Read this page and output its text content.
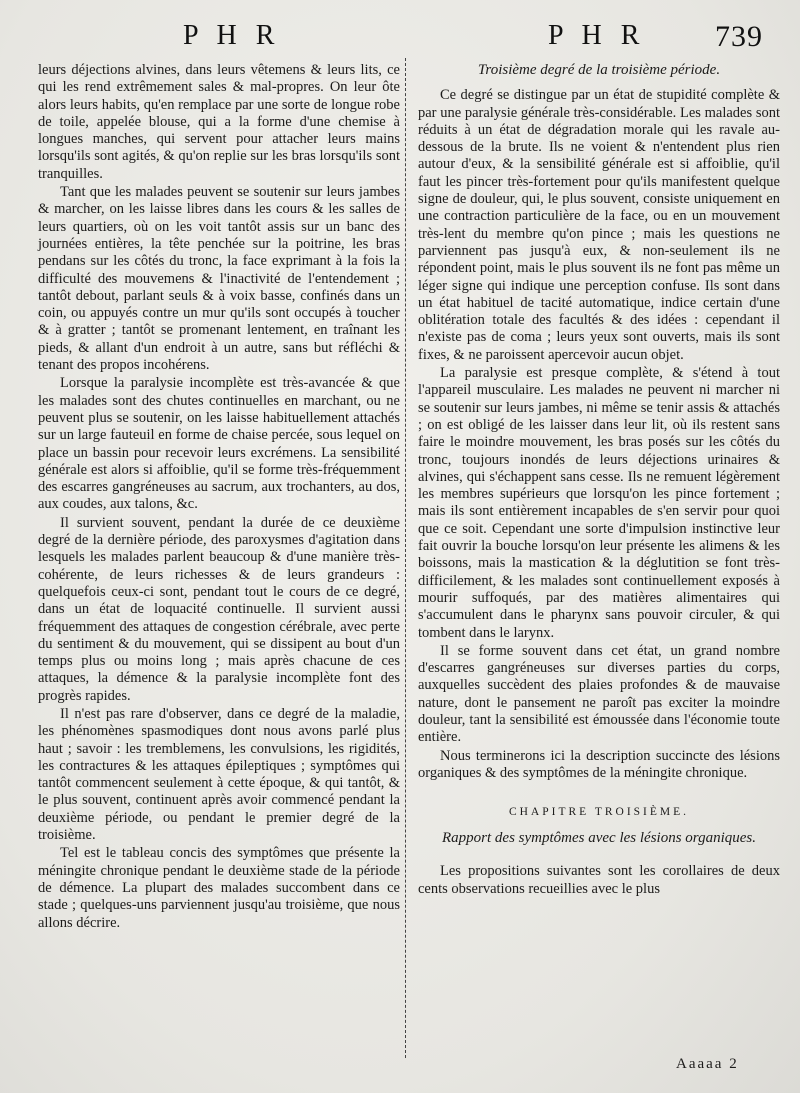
P H R	P H R 739

leurs déjections alvines, dans leurs vêtemens & leurs lits, ce qui les rend extrêmement sales & mal-propres. On leur ôte alors leurs habits, qu'en remplace par une sorte de longue robe de toile, appelée blouse, qui a la forme d'une chemise à longues manches, qui servent pour attacher leurs mains lorsqu'ils sont agités, & qu'on replie sur les bras lorsqu'ils sont tranquilles.

Tant que les malades peuvent se soutenir sur leurs jambes & marcher, on les laisse libres dans les cours & les salles de leurs quartiers, où on les voit tantôt assis sur un banc des journées entières, la tête penchée sur la poitrine, les bras pendans sur les côtés du tronc, la face exprimant à la fois la difficulté des mouvemens & l'inactivité de l'entendement ; tantôt debout, parlant seuls & à voix basse, confinés dans un coin, ou appuyés contre un mur qu'ils sont occupés à toucher & à gratter ; tantôt se promenant lentement, en traînant les pieds, & allant d'un endroit à un autre, sans but réfléchi & tenant des propos incohérens.

Lorsque la paralysie incomplète est très-avancée & que les malades sont des chutes continuelles en marchant, ou ne peuvent plus se soutenir, on les laisse habituellement attachés sur un large fauteuil en forme de chaise percée, sous lequel on place un bassin pour recevoir leurs excrémens. La sensibilité générale est alors si affoiblie, qu'il se forme très-fréquemment des escarres gangréneuses au sacrum, aux trochanters, au dos, aux coudes, aux talons, &c.

Il survient souvent, pendant la durée de ce deuxième degré de la dernière période, des paroxysmes d'agitation dans lesquels les malades parlent beaucoup & d'une manière très-cohérente, de leurs richesses & de leurs grandeurs : quelquefois ceux-ci sont, pendant tout le cours de ce degré, dans un état de loquacité continuelle. Il survient aussi fréquemment des attaques de congestion cérébrale, avec perte du sentiment & du mouvement, qui se dissipent au bout d'un temps plus ou moins long ; mais après chacune de ces attaques, la démence & la paralysie incomplète font des progrès rapides.

Il n'est pas rare d'observer, dans ce degré de la maladie, les phénomènes spasmodiques dont nous avons parlé plus haut ; savoir : les tremblemens, les convulsions, les rigidités, les contractures & les attaques épileptiques ; symptômes qui tantôt commencent seulement à cette époque, & qui tantôt, & le plus souvent, continuent après avoir commencé pendant la deuxième période, ou pendant le premier degré de la troisième.

Tel est le tableau concis des symptômes que présente la méningite chronique pendant le deuxième stade de la période de démence. La plupart des malades succombent dans ce stade ; quelques-uns parviennent jusqu'au troisième, que nous allons décrire.

Troisième degré de la troisième période.

Ce degré se distingue par un état de stupidité complète & par une paralysie générale très-considérable. Les malades sont réduits à un état de dégradation morale qui les ravale au-dessous de la brute. Ils ne voient & n'entendent plus rien autour d'eux, & la sensibilité générale est si affoiblie, qu'il faut les pincer très-fortement pour qu'ils manifestent quelque signe de douleur, qui, le plus souvent, consiste uniquement en une contraction particulière de la face, ou en un mouvement très-lent du membre qu'on pince ; mais les questions ne parviennent pas jusqu'à eux, & non-seulement ils ne répondent point, mais le plus souvent ils ne font pas même un léger signe qui indique une perception confuse. Ils sont dans un état habituel de tacité automatique, indice certain d'une oblitération totale des facultés & des idées : cependant il n'existe pas de coma ; leurs yeux sont ouverts, mais ils sont fixes, & ne paroissent apercevoir aucun objet.

La paralysie est presque complète, & s'étend à tout l'appareil musculaire. Les malades ne peuvent ni marcher ni se soutenir sur leurs jambes, ni même se tenir assis & attachés ; on est obligé de les laisser dans leur lit, où ils restent sans faire le moindre mouvement, les bras posés sur les côtés du tronc, toujours inondés de leurs déjections urinaires & alvines, qui s'échappent sans cesse. Ils ne remuent légèrement les membres supérieurs que lorsqu'on les pince fortement ; mais ils sont entièrement incapables de s'en servir pour quoi que ce soit. Cependant une sorte d'impulsion instinctive leur fait ouvrir la bouche lorsqu'on leur présente les alimens & les boissons, mais la mastication & la déglutition se font très-difficilement, & les malades sont continuellement exposés à mourir suffoqués, par des matières alimentaires qui s'accumulent dans le pharynx sans pouvoir circuler, & qui tombent dans le larynx.

Il se forme souvent dans cet état, un grand nombre d'escarres gangréneuses sur diverses parties du corps, auxquelles succèdent des plaies profondes & de mauvaise nature, dont le pansement ne paroît pas exciter la moindre douleur, tant la sensibilité est émoussée dans l'économie toute entière.

Nous terminerons ici la description succincte des lésions organiques & des symptômes de la méningite chronique.

CHAPITRE TROISIÈME.
Rapport des symptômes avec les lésions organiques.

Les propositions suivantes sont les corollaires de deux cents observations recueillies avec le plus

Aaaaa 2
